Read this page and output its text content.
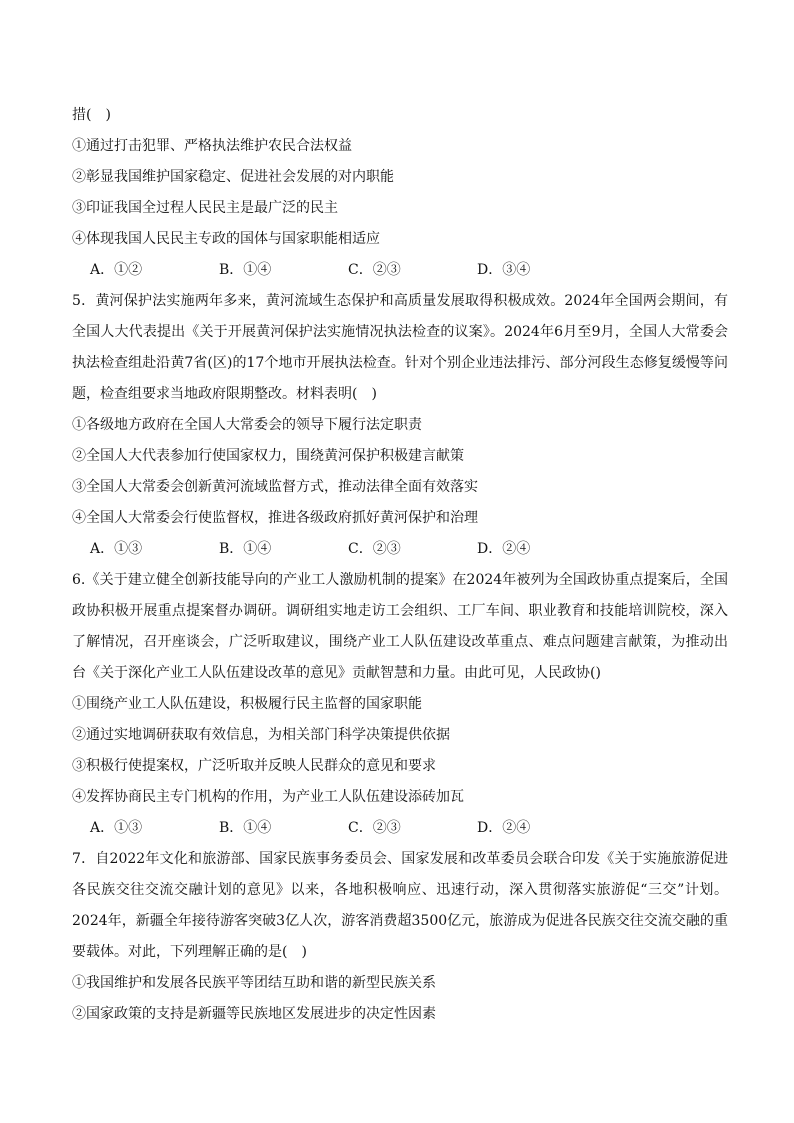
措(　)
①通过打击犯罪、严格执法维护农民合法权益
②彰显我国维护国家稳定、促进社会发展的对内职能
③印证我国全过程人民民主是最广泛的民主
④体现我国人民民主专政的国体与国家职能相适应
A．①②	B．①④	C．②③	D．③④
5．黄河保护法实施两年多来，黄河流域生态保护和高质量发展取得积极成效。2024年全国两会期间，有全国人大代表提出《关于开展黄河保护法实施情况执法检查的议案》。2024年6月至9月，全国人大常委会执法检查组赴沿黄7省(区)的17个地市开展执法检查。针对个别企业违法排污、部分河段生态修复缓慢等问题，检查组要求当地政府限期整改。材料表明(　)
①各级地方政府在全国人大常委会的领导下履行法定职责
②全国人大代表参加行使国家权力，围绕黄河保护积极建言献策
③全国人大常委会创新黄河流域监督方式，推动法律全面有效落实
④全国人大常委会行使监督权，推进各级政府抓好黄河保护和治理
A．①③	B．①④	C．②③	D．②④
6.《关于建立健全创新技能导向的产业工人激励机制的提案》在2024年被列为全国政协重点提案后，全国政协积极开展重点提案督办调研。调研组实地走访工会组织、工厂车间、职业教育和技能培训院校，深入了解情况，召开座谈会，广泛听取建议，围绕产业工人队伍建设改革重点、难点问题建言献策，为推动出台《关于深化产业工人队伍建设改革的意见》贡献智慧和力量。由此可见，人民政协()
①围绕产业工人队伍建设，积极履行民主监督的国家职能
②通过实地调研获取有效信息，为相关部门科学决策提供依据
③积极行使提案权，广泛听取并反映人民群众的意见和要求
④发挥协商民主专门机构的作用，为产业工人队伍建设添砖加瓦
A．①③	B．①④	C．②③	D．②④
7．自2022年文化和旅游部、国家民族事务委员会、国家发展和改革委员会联合印发《关于实施旅游促进各民族交往交流交融计划的意见》以来，各地积极响应、迅速行动，深入贯彻落实旅游促“三交”计划。2024年，新疆全年接待游客突破3亿人次，游客消费超3500亿元，旅游成为促进各民族交往交流交融的重要载体。对此，下列理解正确的是(　)
①我国维护和发展各民族平等团结互助和谐的新型民族关系
②国家政策的支持是新疆等民族地区发展进步的决定性因素
